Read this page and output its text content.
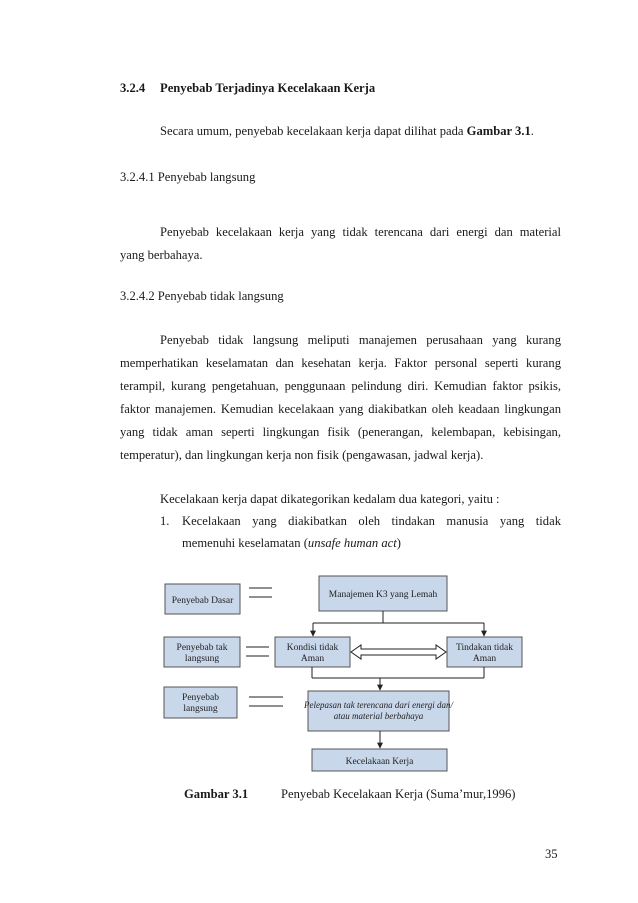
3.2.4 Penyebab Terjadinya Kecelakaan Kerja
Secara umum, penyebab kecelakaan kerja dapat dilihat pada Gambar 3.1.
3.2.4.1 Penyebab langsung
Penyebab kecelakaan kerja yang tidak terencana dari energi dan material
yang berbahaya.
3.2.4.2 Penyebab tidak langsung
Penyebab tidak langsung meliputi manajemen perusahaan yang kurang
memperhatikan keselamatan dan kesehatan kerja. Faktor personal seperti kurang
terampil, kurang pengetahuan, penggunaan pelindung diri. Kemudian faktor psikis,
faktor manajemen. Kemudian kecelakaan yang diakibatkan oleh keadaan lingkungan
yang tidak aman seperti lingkungan fisik (penerangan, kelembapan, kebisingan,
temperatur), dan lingkungan kerja non fisik (pengawasan, jadwal kerja).
Kecelakaan kerja dapat dikategorikan kedalam dua kategori, yaitu :
1. Kecelakaan yang diakibatkan oleh tindakan manusia yang tidak
memenuhi keselamatan (unsafe human act)
Penyebab Dasar
Penyebab tak
langsung
Penyebab
langsung
Manajemen K3 yang Lemah
Kondisi tidak
Aman
Tindakan tidak
Aman
Pelepasan tak terencana dari energi dan/
atau material berbahaya
Kecelakaan Kerja
Gambar 3.1	Penyebab Kecelakaan Kerja (Suma’mur,1996)
35
